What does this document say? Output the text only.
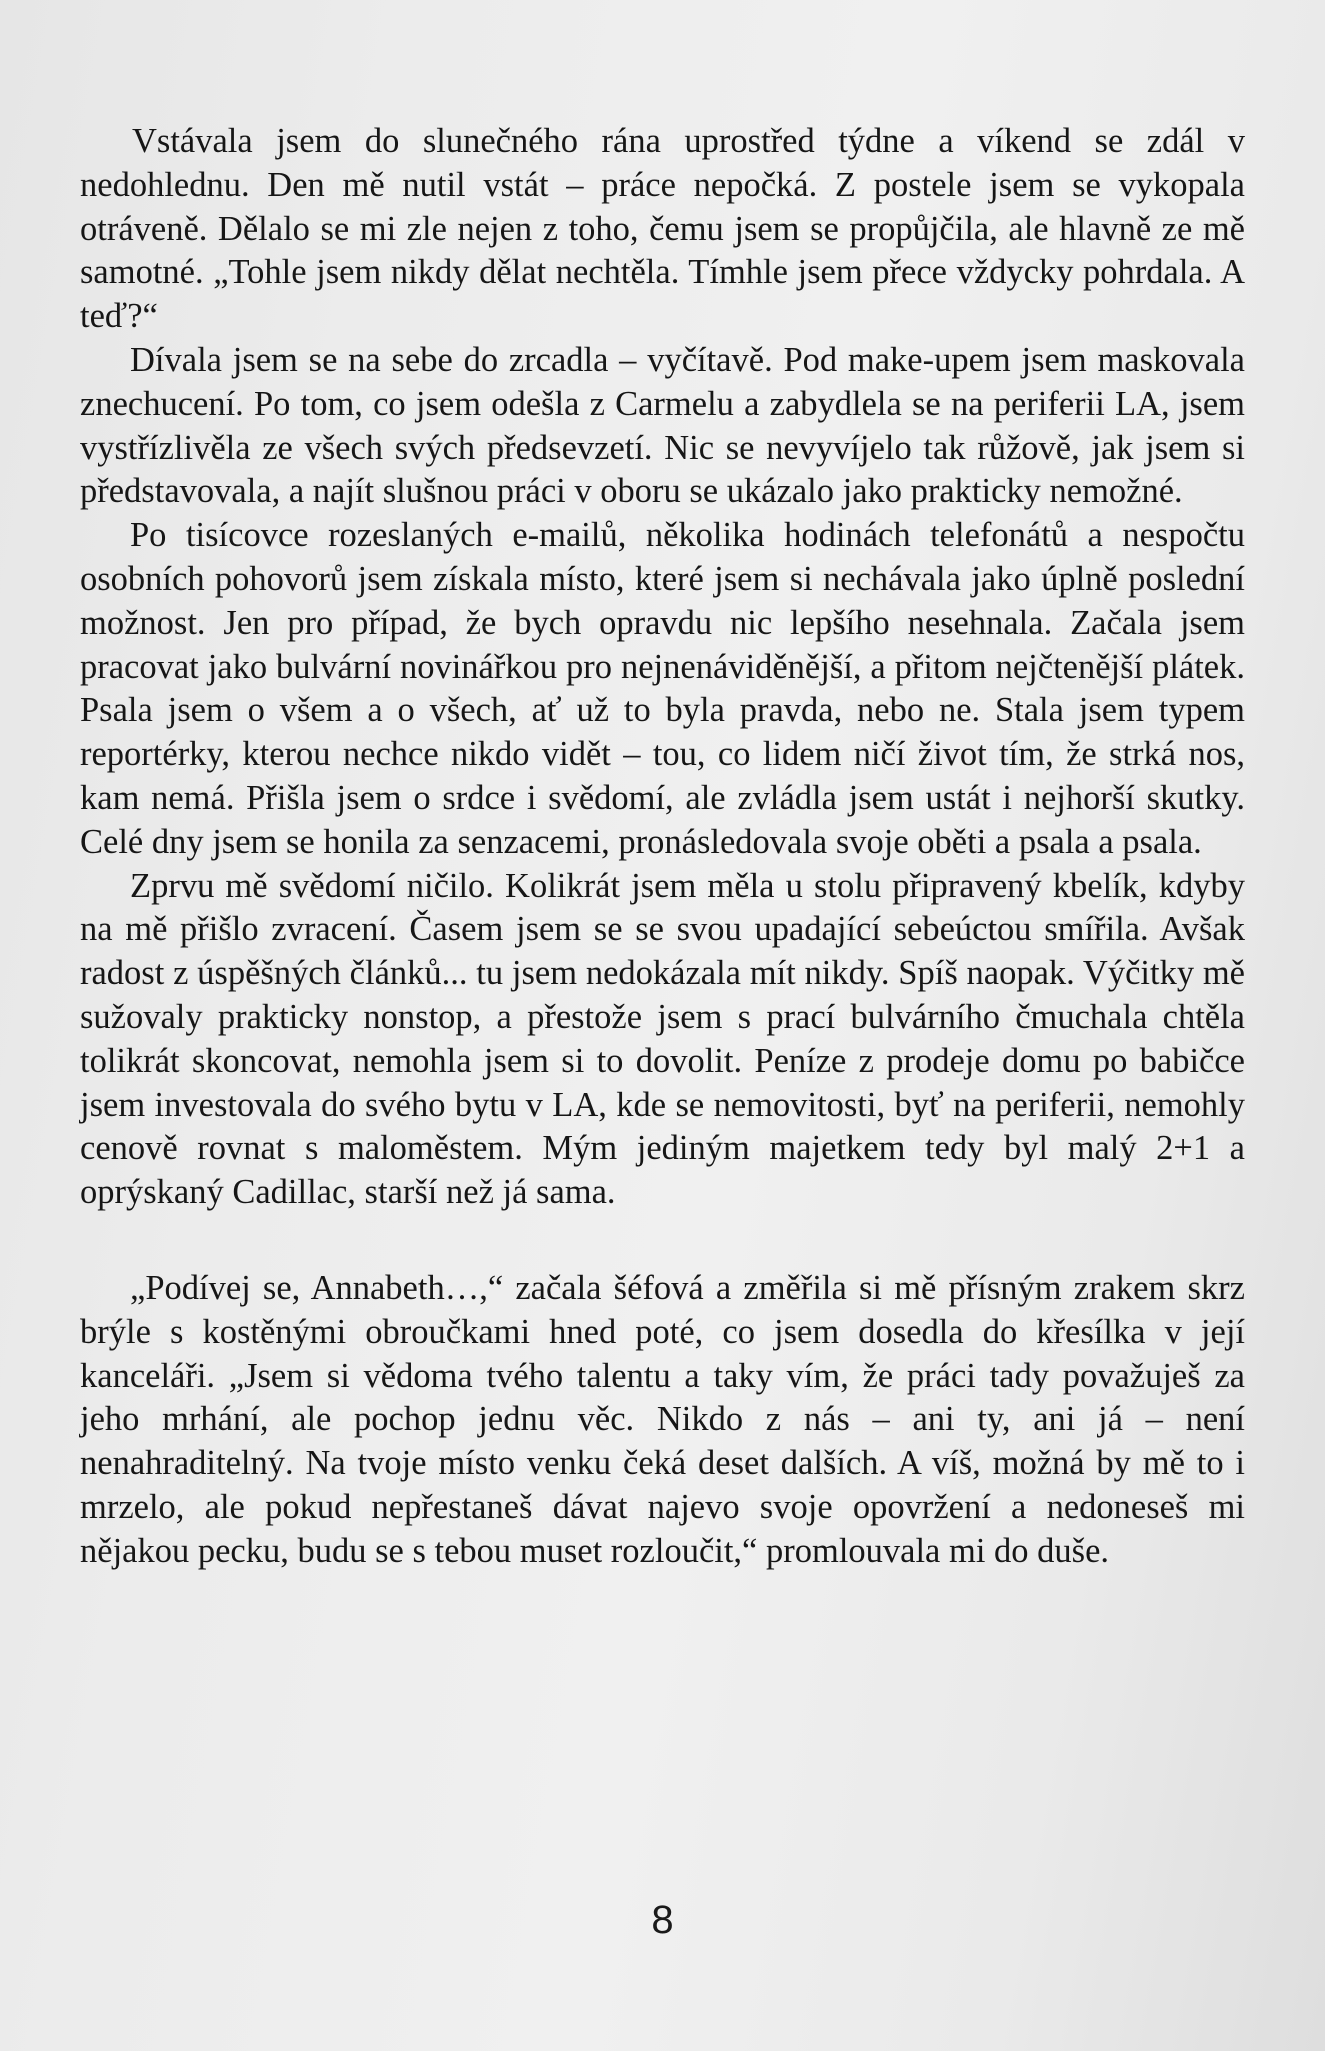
Vstávala jsem do slunečného rána uprostřed týdne a víkend se zdál v nedohlednu. Den mě nutil vstát – práce nepočká. Z postele jsem se vykopala otráveně. Dělalo se mi zle nejen z toho, čemu jsem se propůjčila, ale hlavně ze mě samotné. „Tohle jsem nikdy dělat nechtěla. Tímhle jsem přece vždycky pohrdala. A teď?“

Dívala jsem se na sebe do zrcadla – vyčítavě. Pod make-upem jsem maskovala znechucení. Po tom, co jsem odešla z Carmelu a zabydlela se na periferii LA, jsem vystřízlivěla ze všech svých předsevzetí. Nic se nevyvíjelo tak růžově, jak jsem si představovala, a najít slušnou práci v oboru se ukázalo jako prakticky nemožné.

Po tisícovce rozeslaných e-mailů, několika hodinách telefonátů a nespočtu osobních pohovorů jsem získala místo, které jsem si nechávala jako úplně poslední možnost. Jen pro případ, že bych opravdu nic lepšího nesehnala. Začala jsem pracovat jako bulvární novinářkou pro nejnenáviděnější, a přitom nejčtenější plátek. Psala jsem o všem a o všech, ať už to byla pravda, nebo ne. Stala jsem typem reportérky, kterou nechce nikdo vidět – tou, co lidem ničí život tím, že strká nos, kam nemá. Přišla jsem o srdce i svědomí, ale zvládla jsem ustát i nejhorší skutky. Celé dny jsem se honila za senzacemi, pronásledovala svoje oběti a psala a psala.

Zprvu mě svědomí ničilo. Kolikrát jsem měla u stolu připravený kbelík, kdyby na mě přišlo zvracení. Časem jsem se se svou upadající sebeúctou smířila. Avšak radost z úspěšných článků... tu jsem nedokázala mít nikdy. Spíš naopak. Výčitky mě sužovaly prakticky nonstop, a přestože jsem s prací bulvárního čmuchala chtěla tolikrát skoncovat, nemohla jsem si to dovolit. Peníze z prodeje domu po babičce jsem investovala do svého bytu v LA, kde se nemovitosti, byť na periferii, nemohly cenově rovnat s maloměstem. Mým jediným majetkem tedy byl malý 2+1 a oprýskaný Cadillac, starší než já sama.

„Podívej se, Annabeth…,“ začala šéfová a změřila si mě přísným zrakem skrz brýle s kostěnými obroučkami hned poté, co jsem dosedla do křesílka v její kanceláři. „Jsem si vědoma tvého talentu a taky vím, že práci tady považuješ za jeho mrhání, ale pochop jednu věc. Nikdo z nás – ani ty, ani já – není nenahraditelný. Na tvoje místo venku čeká deset dalších. A víš, možná by mě to i mrzelo, ale pokud nepřestaneš dávat najevo svoje opovržení a nedoneseš mi nějakou pecku, budu se s tebou muset rozloučit,“ promlouvala mi do duše.

8
